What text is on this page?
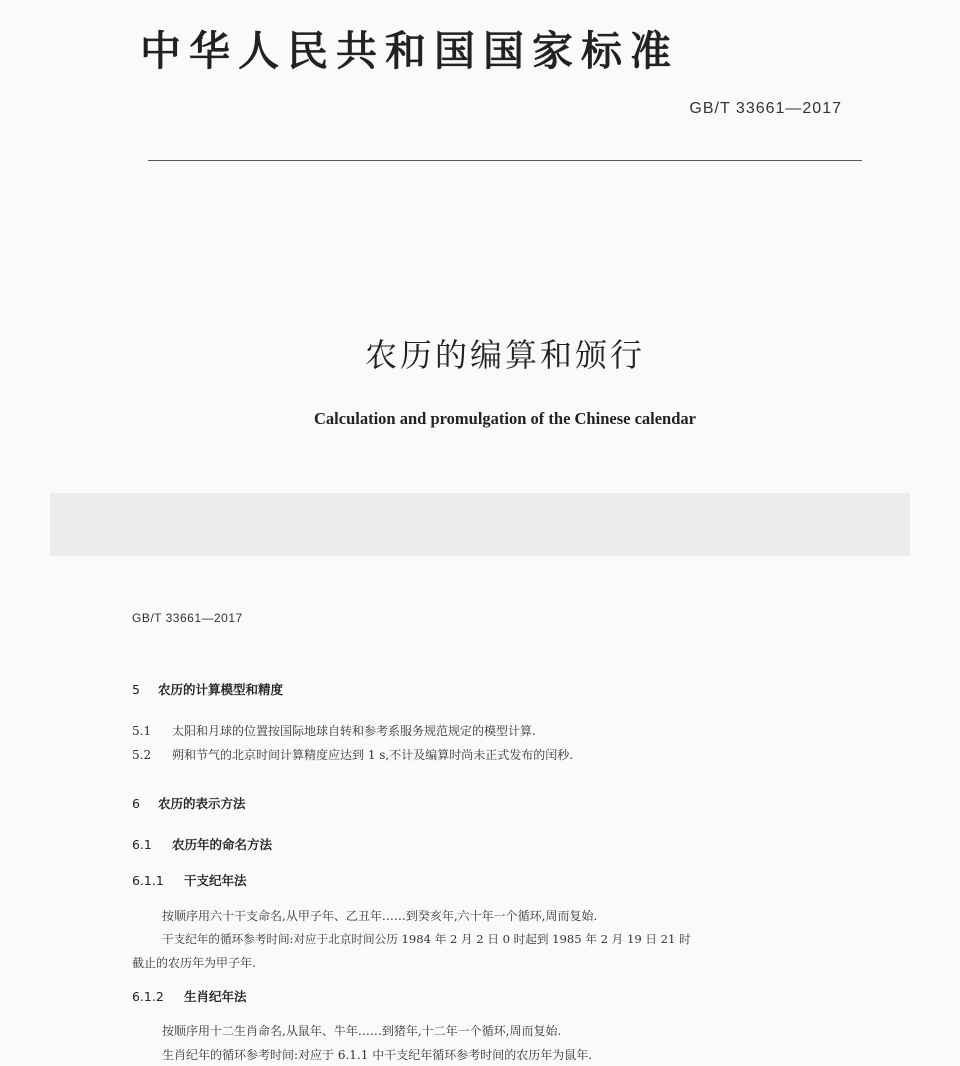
中华人民共和国国家标准
GB/T 33661—2017
农历的编算和颁行
Calculation and promulgation of the Chinese calendar
GB/T 33661—2017
5 农历的计算模型和精度
5.1 太阳和月球的位置按国际地球自转和参考系服务规范规定的模型计算.
5.2 朔和节气的北京时间计算精度应达到 1 s,不计及编算时尚未正式发布的闰秒.
6 农历的表示方法
6.1 农历年的命名方法
6.1.1 干支纪年法
按顺序用六十干支命名,从甲子年、乙丑年……到癸亥年,六十年一个循环,周而复始.
干支纪年的循环参考时间:对应于北京时间公历 1984 年 2 月 2 日 0 时起到 1985 年 2 月 19 日 21 时
截止的农历年为甲子年.
6.1.2 生肖纪年法
按顺序用十二生肖命名,从鼠年、牛年……到猪年,十二年一个循环,周而复始.
生肖纪年的循环参考时间:对应于 6.1.1 中干支纪年循环参考时间的农历年为鼠年.
